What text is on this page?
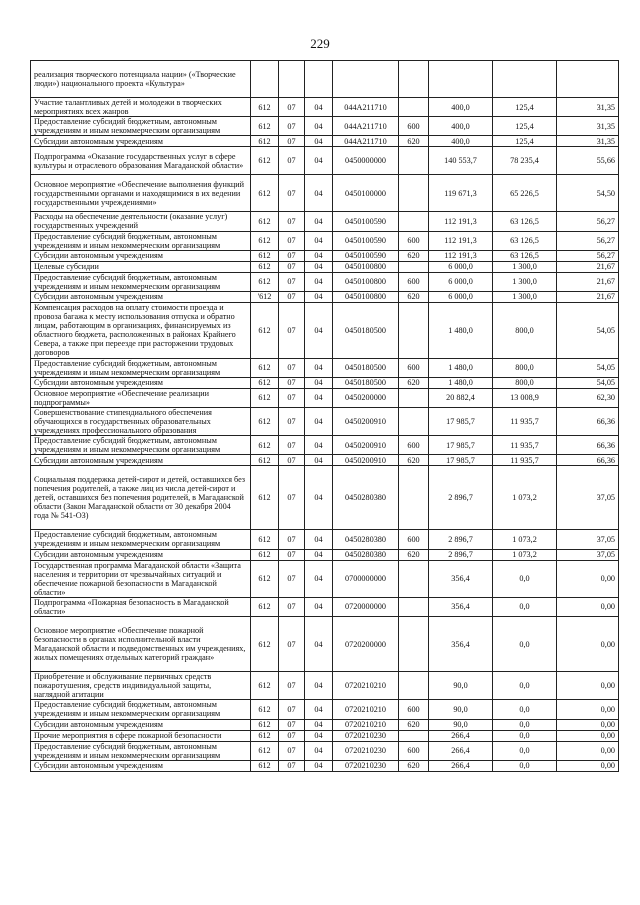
229
реализация творческого потенциала нации» («Творческие люди») национального проекта «Культура»								
Участие талантливых детей и молодежи в творческих мероприятиях всех жанров	612	07	04	044A211710		400,0	125,4	31,35
Предоставление субсидий бюджетным, автономным учреждениям и иным некоммерческим организациям	612	07	04	044A211710	600	400,0	125,4	31,35
Субсидии автономным учреждениям	612	07	04	044A211710	620	400,0	125,4	31,35
Подпрограмма «Оказание государственных услуг в сфере культуры и отраслевого образования Магаданской области»	612	07	04	0450000000		140 553,7	78 235,4	55,66
Основное мероприятие «Обеспечение выполнения функций государственными органами и находящимися в их ведении государственными учреждениями»	612	07	04	0450100000		119 671,3	65 226,5	54,50
Расходы на обеспечение деятельности (оказание услуг) государственных учреждений	612	07	04	0450100590		112 191,3	63 126,5	56,27
Предоставление субсидий бюджетным, автономным учреждениям и иным некоммерческим организациям	612	07	04	0450100590	600	112 191,3	63 126,5	56,27
Субсидии автономным учреждениям	612	07	04	0450100590	620	112 191,3	63 126,5	56,27
Целевые субсидии	612	07	04	0450100800		6 000,0	1 300,0	21,67
Предоставление субсидий бюджетным, автономным учреждениям и иным некоммерческим организациям	612	07	04	0450100800	600	6 000,0	1 300,0	21,67
Субсидии автономным учреждениям	'612	07	04	0450100800	620	6 000,0	1 300,0	21,67
Компенсация расходов на оплату стоимости проезда и провоза багажа к месту использования отпуска и обратно лицам, работающим в организациях, финансируемых из областного бюджета, расположенных в районах Крайнего Севера, а также при переезде при расторжении трудовых договоров	612	07	04	0450180500		1 480,0	800,0	54,05
Предоставление субсидий бюджетным, автономным учреждениям и иным некоммерческим организациям	612	07	04	0450180500	600	1 480,0	800,0	54,05
Субсидии автономным учреждениям	612	07	04	0450180500	620	1 480,0	800,0	54,05
Основное мероприятие «Обеспечение реализации подпрограммы»	612	07	04	0450200000		20 882,4	13 008,9	62,30
Совершенствование стипендиального обеспечения обучающихся в государственных образовательных учреждениях профессионального образования	612	07	04	0450200910		17 985,7	11 935,7	66,36
Предоставление субсидий бюджетным, автономным учреждениям и иным некоммерческим организациям	612	07	04	0450200910	600	17 985,7	11 935,7	66,36
Субсидии автономным учреждениям	612	07	04	0450200910	620	17 985,7	11 935,7	66,36
Социальная поддержка детей-сирот и детей, оставшихся без попечения родителей, а также лиц из числа детей-сирот и детей, оставшихся без попечения родителей, в Магаданской области (Закон Магаданской области от 30 декабря 2004 года № 541-ОЗ)	612	07	04	0450280380		2 896,7	1 073,2	37,05
Предоставление субсидий бюджетным, автономным учреждениям и иным некоммерческим организациям	612	07	04	0450280380	600	2 896,7	1 073,2	37,05
Субсидии автономным учреждениям	612	07	04	0450280380	620	2 896,7	1 073,2	37,05
Государственная программа Магаданской области «Защита населения и территории от чрезвычайных ситуаций и обеспечение пожарной безопасности в Магаданской области»	612	07	04	0700000000		356,4	0,0	0,00
Подпрограмма «Пожарная безопасность в Магаданской области»	612	07	04	0720000000		356,4	0,0	0,00
Основное мероприятие «Обеспечение пожарной безопасности в органах исполнительной власти Магаданской области и подведомственных им учреждениях, жилых помещениях отдельных категорий граждан»	612	07	04	0720200000		356,4	0,0	0,00
Приобретение и обслуживание первичных средств пожаротушения, средств индивидуальной защиты, наглядной агитации	612	07	04	0720210210		90,0	0,0	0,00
Предоставление субсидий бюджетным, автономным учреждениям и иным некоммерческим организациям	612	07	04	0720210210	600	90,0	0,0	0,00
Субсидии автономным учреждениям	612	07	04	0720210210	620	90,0	0,0	0,00
Прочие мероприятия в сфере пожарной безопасности	612	07	04	0720210230		266,4	0,0	0,00
Предоставление субсидий бюджетным, автономным учреждениям и иным некоммерческим организациям	612	07	04	0720210230	600	266,4	0,0	0,00
Субсидии автономным учреждениям	612	07	04	0720210230	620	266,4	0,0	0,00
